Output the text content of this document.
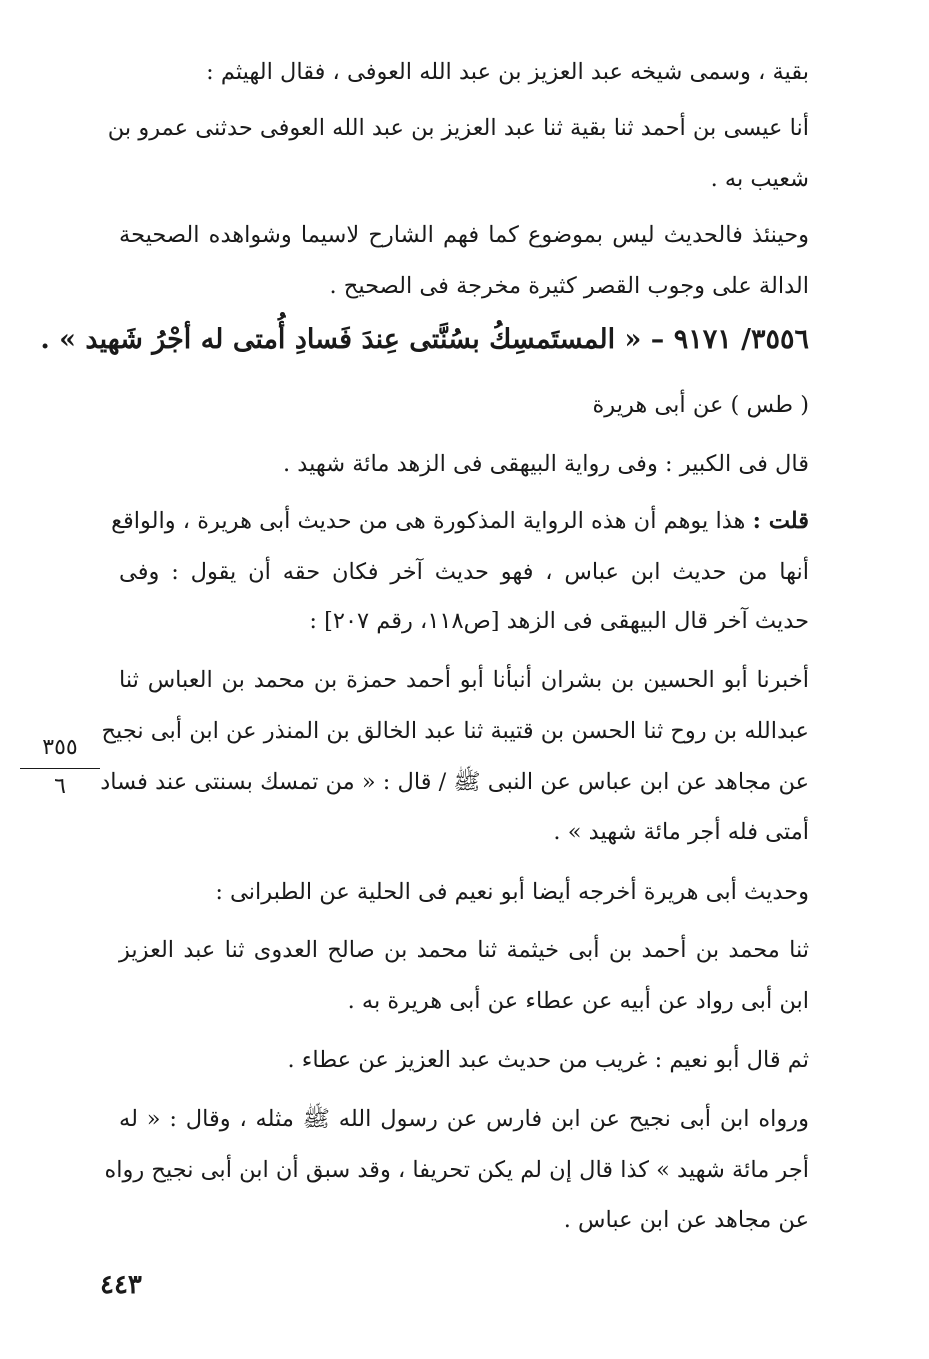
بقية ، وسمى شيخه عبد العزيز بن عبد الله العوفى ، فقال الهيثم :
أنا عيسى بن أحمد ثنا بقية ثنا عبد العزيز بن عبد الله العوفى حدثنى عمرو بن
شعيب به .
وحينئذ فالحديث ليس بموضوع كما فهم الشارح لاسيما وشواهده الصحيحة
الدالة على وجوب القصر كثيرة مخرجة فى الصحيح .
٣٥٥٦/ ٩١٧١ – « المستَمسِكُ بسُنَّتى عِندَ فَسادِ أُمتى له أجْرُ شَهيد » .
( طس ) عن أبى هريرة
قال فى الكبير : وفى رواية البيهقى فى الزهد مائة شهيد .
قلت : هذا يوهم أن هذه الرواية المذكورة هى من حديث أبى هريرة ، والواقع
أنها من حديث ابن عباس ، فهو حديث آخر فكان حقه أن يقول : وفى
حديث آخر قال البيهقى فى الزهد [ص١١٨، رقم ٢٠٧] :
أخبرنا أبو الحسين بن بشران أنبأنا أبو أحمد حمزة بن محمد بن العباس ثنا
عبدالله بن روح ثنا الحسن بن قتيبة ثنا عبد الخالق بن المنذر عن ابن أبى نجيح
عن مجاهد عن ابن عباس عن النبى ﷺ / قال : « من تمسك بسنتى عند فساد
أمتى فله أجر مائة شهيد » .
وحديث أبى هريرة أخرجه أيضا أبو نعيم فى الحلية عن الطبرانى :
ثنا محمد بن أحمد بن أبى خيثمة ثنا محمد بن صالح العدوى ثنا عبد العزيز
ابن أبى رواد عن أبيه عن عطاء عن أبى هريرة به .
ثم قال أبو نعيم : غريب من حديث عبد العزيز عن عطاء .
ورواه ابن أبى نجيح عن ابن فارس عن رسول الله ﷺ مثله ، وقال : « له
أجر مائة شهيد » كذا قال إن لم يكن تحريفا ، وقد سبق أن ابن أبى نجيح رواه
عن مجاهد عن ابن عباس .
٣٥٥
٦
٤٤٣
